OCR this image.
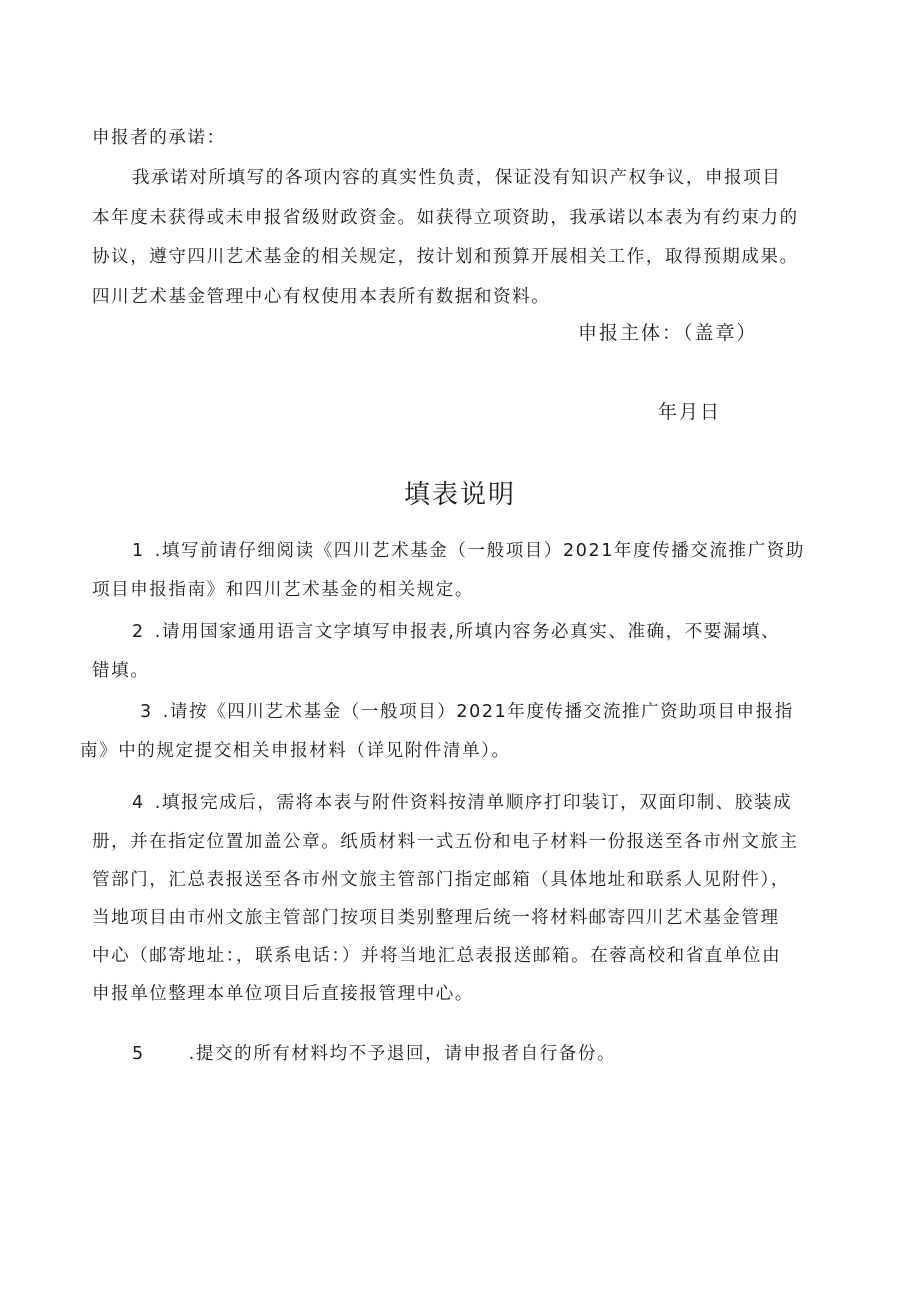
申报者的承诺：
我承诺对所填写的各项内容的真实性负责，保证没有知识产权争议，申报项目
本年度未获得或未申报省级财政资金。如获得立项资助，我承诺以本表为有约束力的
协议，遵守四川艺术基金的相关规定，按计划和预算开展相关工作，取得预期成果。
四川艺术基金管理中心有权使用本表所有数据和资料。
申报主体：（盖章）
年月日
填表说明
1 .填写前请仔细阅读《四川艺术基金（一般项目）2021年度传播交流推广资助
项目申报指南》和四川艺术基金的相关规定。
2 .请用国家通用语言文字填写申报表,所填内容务必真实、准确，不要漏填、
错填。
3 .请按《四川艺术基金（一般项目）2021年度传播交流推广资助项目申报指
南》中的规定提交相关申报材料（详见附件清单）。
4 .填报完成后，需将本表与附件资料按清单顺序打印装订，双面印制、胶装成
册，并在指定位置加盖公章。纸质材料一式五份和电子材料一份报送至各市州文旅主
管部门，汇总表报送至各市州文旅主管部门指定邮箱（具体地址和联系人见附件），
当地项目由市州文旅主管部门按项目类别整理后统一将材料邮寄四川艺术基金管理
中心（邮寄地址：，联系电话：）并将当地汇总表报送邮箱。在蓉高校和省直单位由
申报单位整理本单位项目后直接报管理中心。
5	.提交的所有材料均不予退回，请申报者自行备份。
